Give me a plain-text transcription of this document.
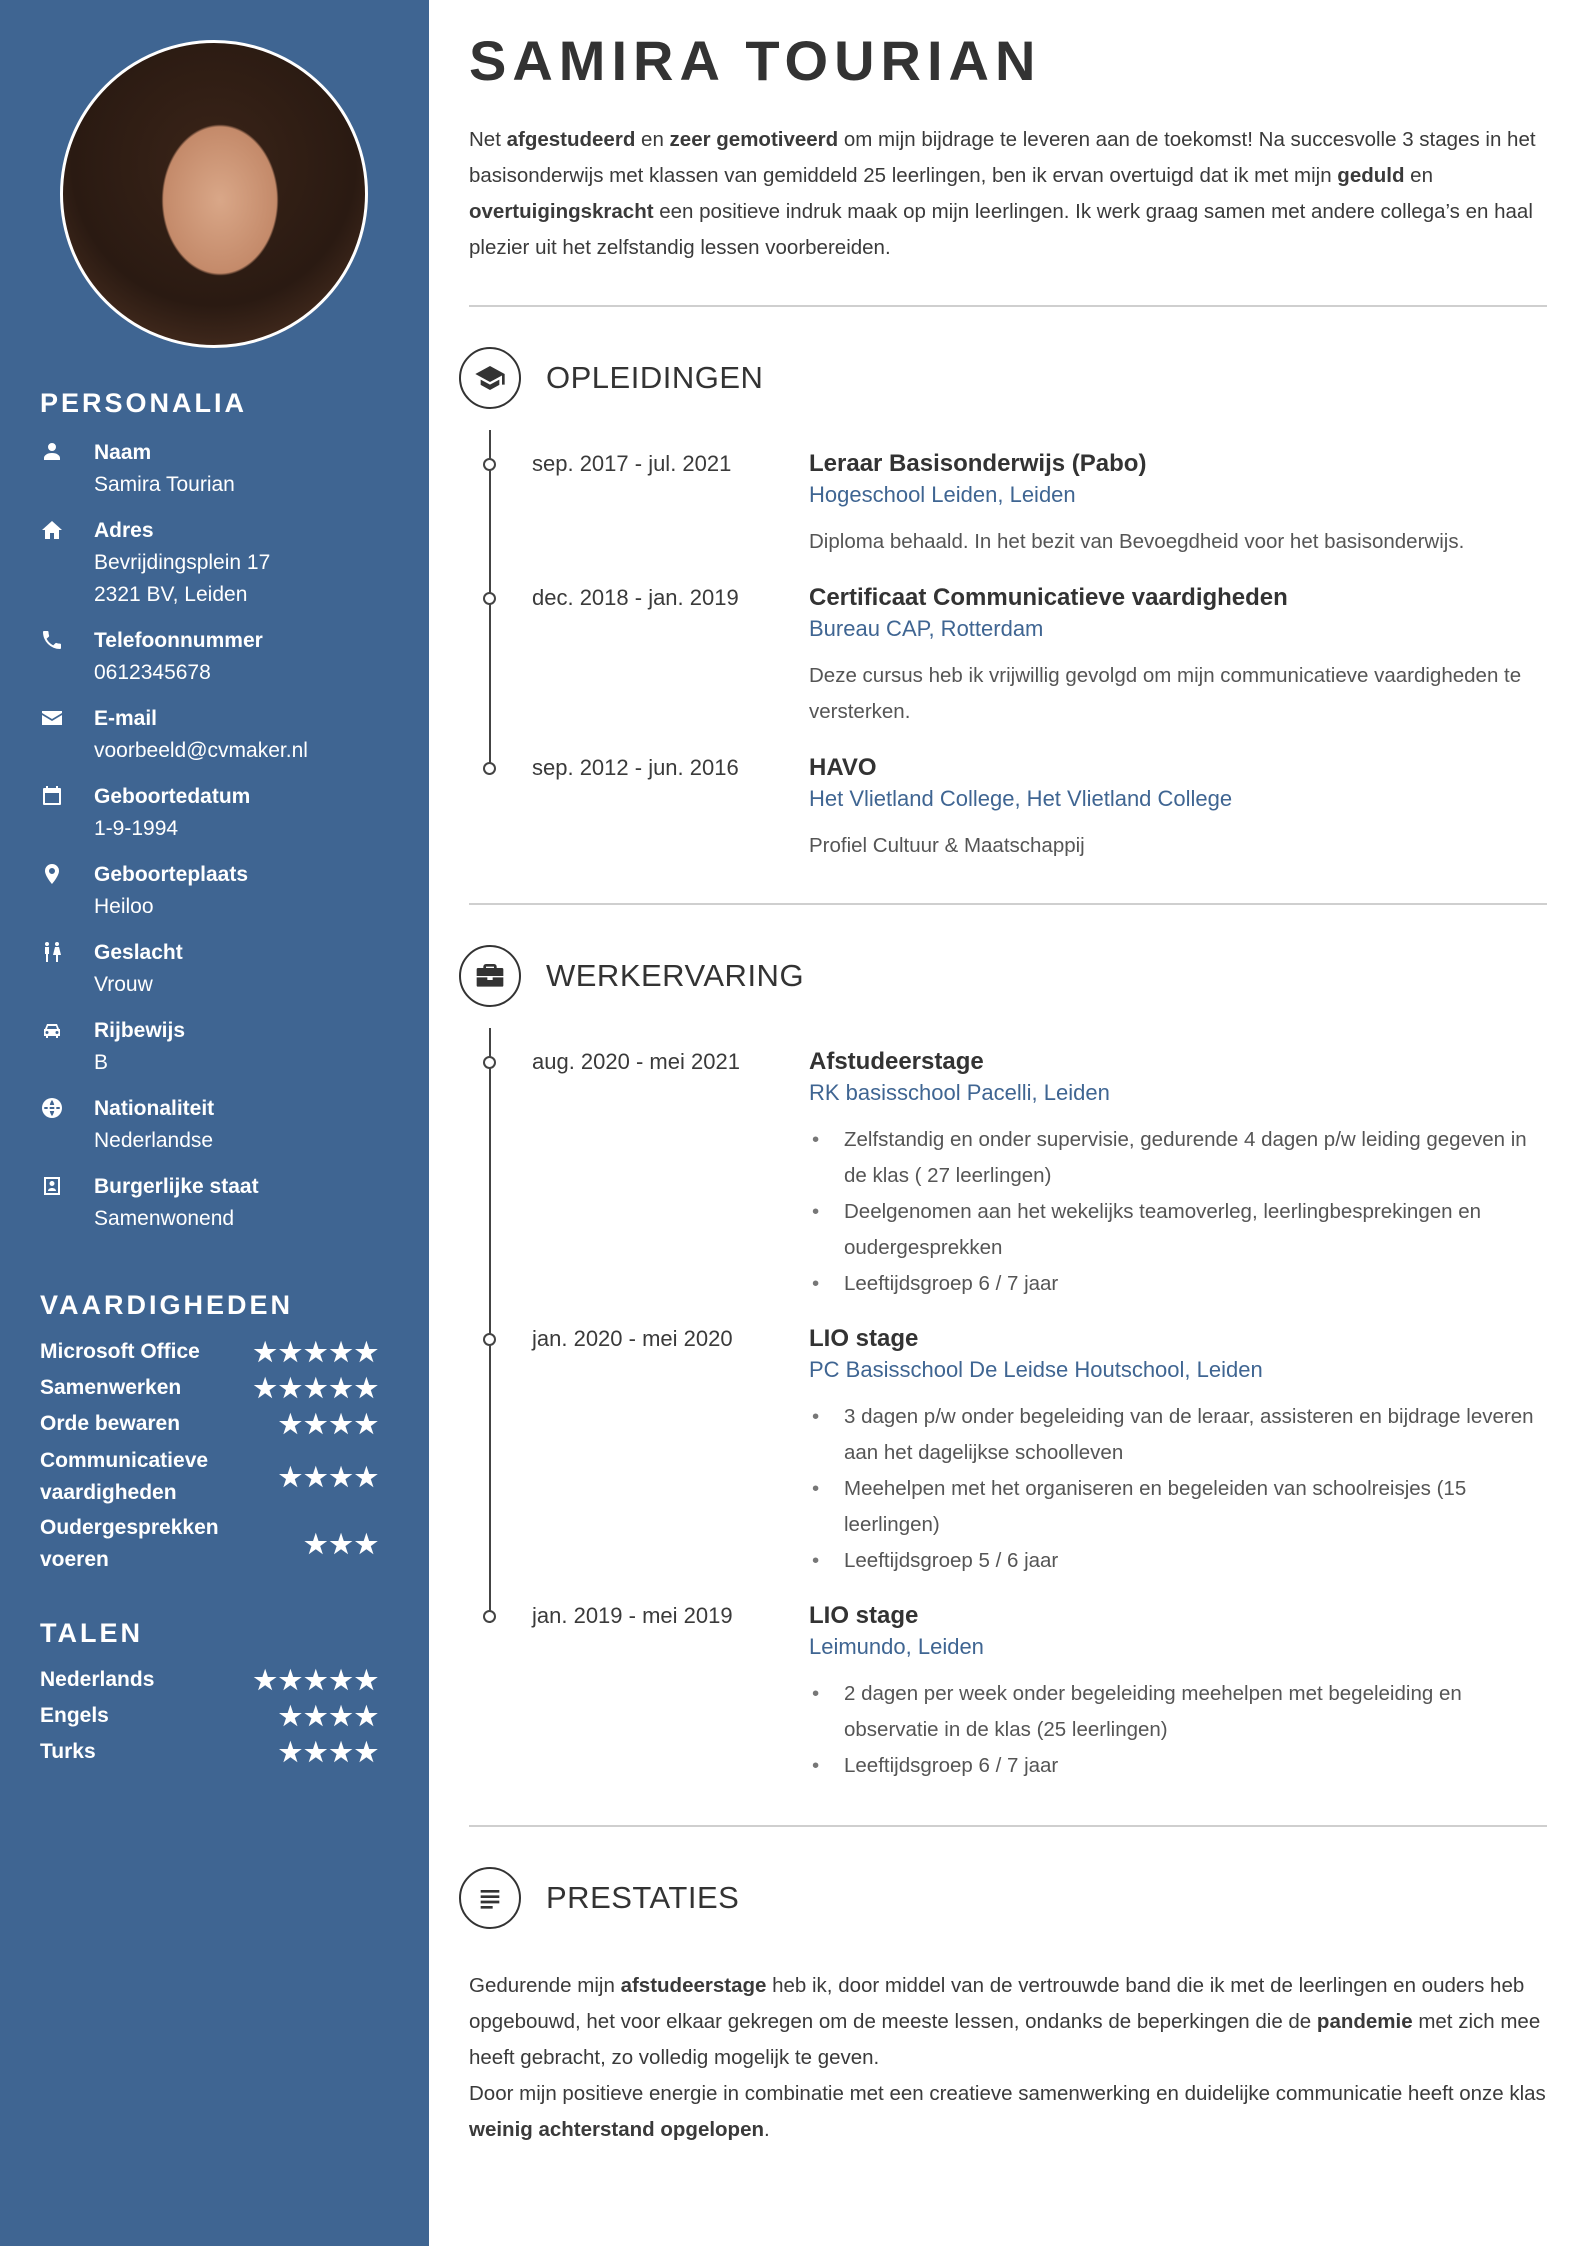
PERSONALIA
Naam
Samira Tourian
Adres
Bevrijdingsplein 17
2321 BV, Leiden
Telefoonnummer
0612345678
E-mail
voorbeeld@cvmaker.nl
Geboortedatum
1-9-1994
Geboorteplaats
Heiloo
Geslacht
Vrouw
Rijbewijs
B
Nationaliteit
Nederlandse
Burgerlijke staat
Samenwonend
VAARDIGHEDEN
Microsoft Office ★★★★★
Samenwerken	★★★★★
Orde bewaren	★★★★
Communicatieve vaardigheden
★★★★
Oudergesprekken voeren
★★★
TALEN
Nederlands	★★★★★
Engels	★★★★
Turks	★★★★
SAMIRA TOURIAN

Net afgestudeerd en zeer gemotiveerd om mijn bijdrage te leveren aan de toekomst! Na succesvolle 3 stages in het basisonderwijs met klassen van gemiddeld 25 leerlingen, ben ik ervan overtuigd dat ik met mijn geduld en overtuigingskracht een positieve indruk maak op mijn leerlingen. Ik werk graag samen met andere collega’s en haal plezier uit het zelfstandig lessen voorbereiden.

OPLEIDINGEN
sep. 2017 - jul. 2021	Leraar Basisonderwijs (Pabo)
Hogeschool Leiden, Leiden
Diploma behaald. In het bezit van Bevoegdheid voor het basisonderwijs.
dec. 2018 - jan. 2019	Certificaat Communicatieve vaardigheden
Bureau CAP, Rotterdam
Deze cursus heb ik vrijwillig gevolgd om mijn communicatieve vaardigheden te versterken.
sep. 2012 - jun. 2016	HAVO
Het Vlietland College, Het Vlietland College
Profiel Cultuur & Maatschappij
WERKERVARING
aug. 2020 - mei 2021	Afstudeerstage
RK basisschool Pacelli, Leiden
• Zelfstandig en onder supervisie, gedurende 4 dagen p/w leiding gegeven in de klas ( 27 leerlingen)
• Deelgenomen aan het wekelijks teamoverleg, leerlingbesprekingen en oudergesprekken
• Leeftijdsgroep 6 / 7 jaar
jan. 2020 - mei 2020	LIO stage
PC Basisschool De Leidse Houtschool, Leiden
• 3 dagen p/w onder begeleiding van de leraar, assisteren en bijdrage leveren aan het dagelijkse schoolleven
• Meehelpen met het organiseren en begeleiden van schoolreisjes (15 leerlingen)
• Leeftijdsgroep 5 / 6 jaar
jan. 2019 - mei 2019	LIO stage
Leimundo, Leiden
• 2 dagen per week onder begeleiding meehelpen met begeleiding en observatie in de klas (25 leerlingen)
• Leeftijdsgroep 6 / 7 jaar
PRESTATIES

Gedurende mijn afstudeerstage heb ik, door middel van de vertrouwde band die ik met de leerlingen en ouders heb opgebouwd, het voor elkaar gekregen om de meeste lessen, ondanks de beperkingen die de pandemie met zich mee heeft gebracht, zo volledig mogelijk te geven.
Door mijn positieve energie in combinatie met een creatieve samenwerking en duidelijke communicatie heeft onze klas weinig achterstand opgelopen.
